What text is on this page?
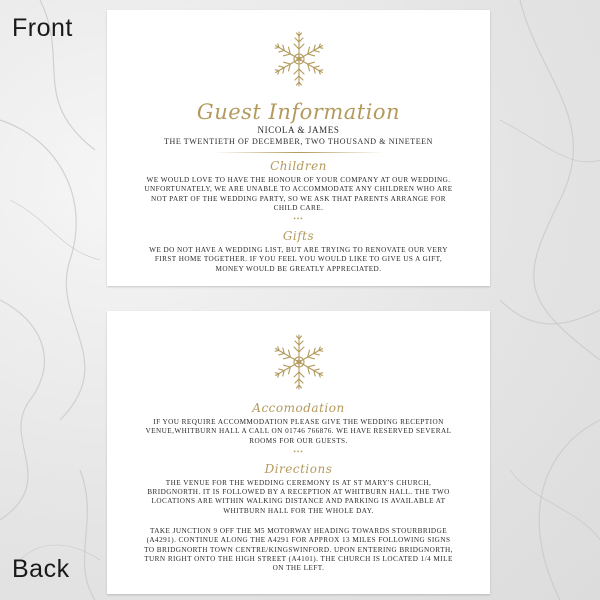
Front
Back
Guest Information
NICOLA & JAMES
THE TWENTIETH OF DECEMBER, TWO THOUSAND & NINETEEN
Children
WE WOULD LOVE TO HAVE THE HONOUR OF YOUR COMPANY AT OUR WEDDING. UNFORTUNATELY, WE ARE UNABLE TO ACCOMMODATE ANY CHILDREN WHO ARE NOT PART OF THE WEDDING PARTY, SO WE ASK THAT PARENTS ARRANGE FOR CHILD CARE.
•••
Gifts
WE DO NOT HAVE A WEDDING LIST, BUT ARE TRYING TO RENOVATE OUR VERY FIRST HOME TOGETHER. IF YOU FEEL YOU WOULD LIKE TO GIVE US A GIFT, MONEY WOULD BE GREATLY APPRECIATED.
Accomodation
IF YOU REQUIRE ACCOMMODATION PLEASE GIVE THE WEDDING RECEPTION VENUE,WHITBURN HALL A CALL ON 01746 766876. WE HAVE RESERVED SEVERAL ROOMS FOR OUR GUESTS.
•••
Directions
THE VENUE FOR THE WEDDING CEREMONY IS AT ST MARY'S CHURCH, BRIDGNORTH. IT IS FOLLOWED BY A RECEPTION AT WHITBURN HALL. THE TWO LOCATIONS ARE WITHIN WALKING DISTANCE AND PARKING IS AVAILABLE AT WHITBURN HALL FOR THE WHOLE DAY.
TAKE JUNCTION 9 OFF THE M5 MOTORWAY HEADING TOWARDS STOURBRIDGE (A4291). CONTINUE ALONG THE A4291 FOR APPROX 13 MILES FOLLOWING SIGNS TO BRIDGNORTH TOWN CENTRE/KINGSWINFORD. UPON ENTERING BRIDGNORTH, TURN RIGHT ONTO THE HIGH STREET (A4101). THE CHURCH IS LOCATED 1/4 MILE ON THE LEFT.
